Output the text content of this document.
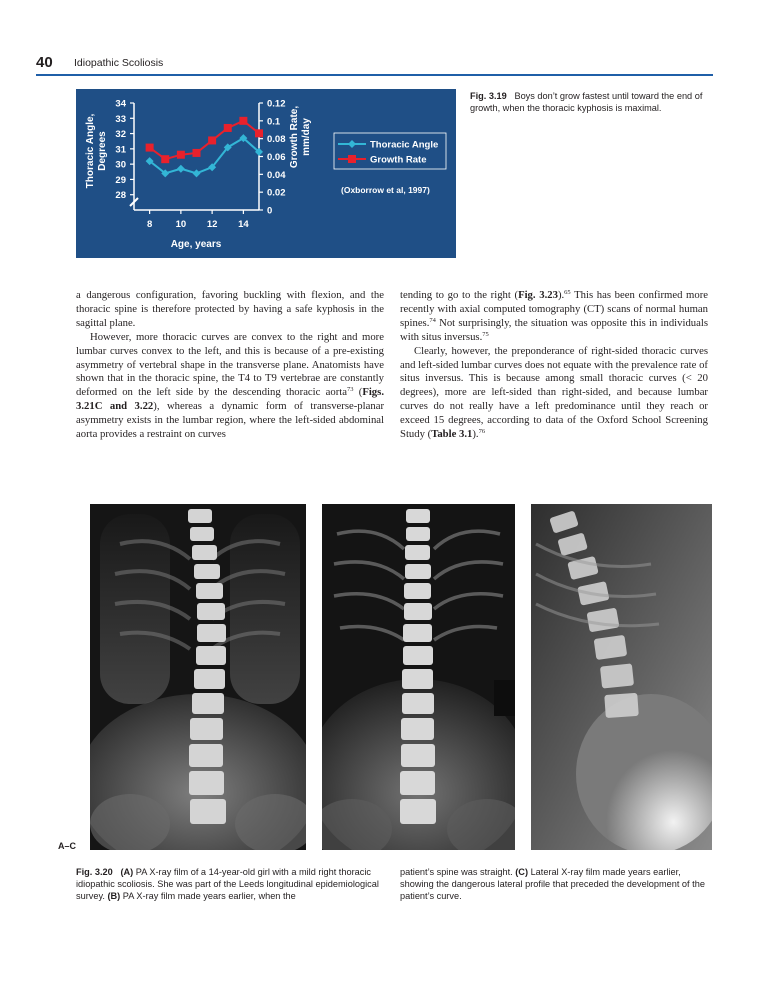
40 Idiopathic Scoliosis
34
33
32
31
30
29
28
0.12
0.1
0.08
0.06
0.04
0.02
0
8 10 12 14
Age, years
Thoracic Angle,Degrees	Growth Rate,mm/day	Thoracic Angle
Growth Rate
(Oxborrow et al, 1997)
Fig. 3.19 Boys don’t grow fastest until toward the end of growth, when the thoracic kyphosis is maximal.

a dangerous configuration, favoring buckling with flexion, and the thoracic spine is therefore protected by having a safe kyphosis in the sagittal plane.

However, more thoracic curves are convex to the right and more lumbar curves convex to the left, and this is because of a pre-existing asymmetry of vertebral shape in the transverse plane. Anatomists have shown that in the thoracic spine, the T4 to T9 vertebrae are constantly deformed on the left side by the descending thoracic aorta$^{73}$ (Figs. 3.21C and 3.22), whereas a dynamic form of transverse-planar asymmetry exists in the lumbar region, where the left-sided abdominal aorta provides a restraint on curves

tending to go to the right (Fig. 3.23).$^{65}$ This has been confirmed more recently with axial computed tomography (CT) scans of normal human spines.$^{74}$ Not surprisingly, the situation was opposite this in individuals with situs inversus.$^{75}$

Clearly, however, the preponderance of right-sided thoracic curves and left-sided lumbar curves does not equate with the prevalence rate of situs inversus. This is because among small thoracic curves (< 20 degrees), more are left-sided than right-sided, and because lumbar curves do not really have a left predominance until they reach or exceed 15 degrees, according to data of the Oxford School Screening Study (Table 3.1).$^{76}$

A–C
Fig. 3.20 (A) PA X-ray film of a 14-year-old girl with a mild right thoracic idiopathic scoliosis. She was part of the Leeds longitudinal epidemiological survey. (B) PA X-ray film made years earlier, when the
patient’s spine was straight. (C) Lateral X-ray film made years earlier, showing the dangerous lateral profile that preceded the development of the patient’s curve.
